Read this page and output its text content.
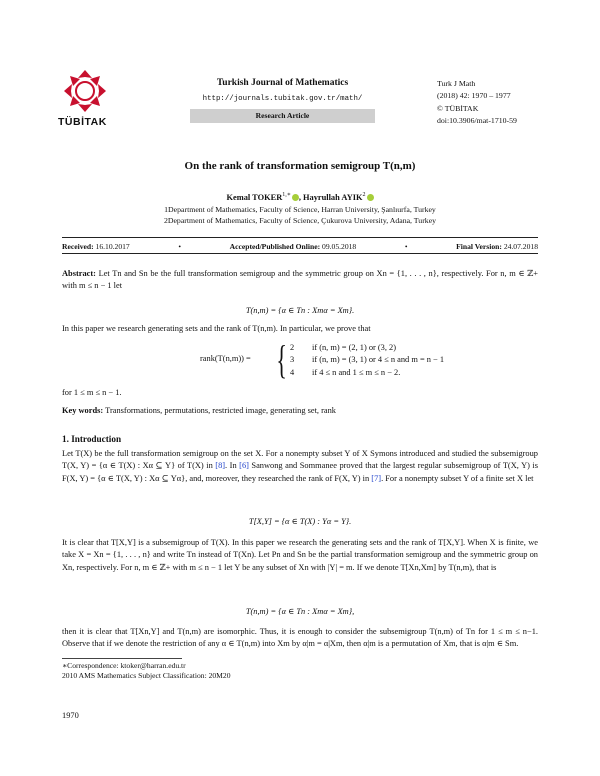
TÜBİTAK
Turkish Journal of Mathematics
http://journals.tubitak.gov.tr/math/
Research Article
Turk J Math
(2018) 42: 1970 – 1977
© TÜBİTAK
doi:10.3906/mat-1710-59
On the rank of transformation semigroup T(n,m)
Kemal $TOKER^{1,∗}$ , Hayrullah AYIK$^2$
1Department of Mathematics, Faculty of Science, Harran University, Şanlıurfa, Turkey
2Department of Mathematics, Faculty of Science, Çukurova University, Adana, Turkey
Received: 16.10.2017	•	Accepted/Published Online: 09.05.2018	•	Final Version: 24.07.2018
Abstract: Let Tn and Sn be the full transformation semigroup and the symmetric group on Xn = {1, . . . , n}, respectively. For n, m ∈ ℤ+ with m ≤ n − 1 let
T(n,m) = {α ∈ Tn : Xmα = Xm}.
In this paper we research generating sets and the rank of T(n,m). In particular, we prove that
rank(T(n,m)) = { 2 if (n, m) = (2, 1) or (3, 2)
3 if (n, m) = (3, 1) or 4 ≤ n and m = n − 1
4 if 4 ≤ n and 1 ≤ m ≤ n − 2.
for 1 ≤ m ≤ n − 1.
Key words: Transformations, permutations, restricted image, generating set, rank
1. Introduction
Let T(X) be the full transformation semigroup on the set X. For a nonempty subset Y of X Symons introduced and studied the subsemigroup T(X, Y) = {α ∈ T(X) : Xα ⊆ Y} of T(X) in [8]. In [6] Sanwong and Sommanee proved that the largest regular subsemigroup of T(X, Y) is F(X, Y) = {α ∈ T(X, Y) : Xα ⊆ Yα}, and, moreover, they researched the rank of F(X, Y) in [7]. For a nonempty subset Y of a finite set X let
T[X,Y] = {α ∈ T(X) : Yα = Y}.
It is clear that T[X,Y] is a subsemigroup of T(X). In this paper we research the generating sets and the rank of T[X,Y]. When X is finite, we take X = Xn = {1, . . . , n} and write Tn instead of T(Xn). Let Pn and Sn be the partial transformation semigroup and the symmetric group on Xn, respectively. For n, m ∈ ℤ+ with m ≤ n − 1 let Y be any subset of Xn with |Y| = m. If we denote T[Xn,Xm] by T(n,m), that is
T(n,m) = {α ∈ Tn : Xmα = Xm},
then it is clear that T[Xn,Y] and T(n,m) are isomorphic. Thus, it is enough to consider the subsemigroup T(n,m) of Tn for 1 ≤ m ≤ n−1. Observe that if we denote the restriction of any α ∈ T(n,m) into Xm by α|m = α|Xm, then α|m is a permutation of Xm, that is α|m ∈ Sm.
∗Correspondence: ktoker@harran.edu.tr
2010 AMS Mathematics Subject Classification: 20M20
1970
